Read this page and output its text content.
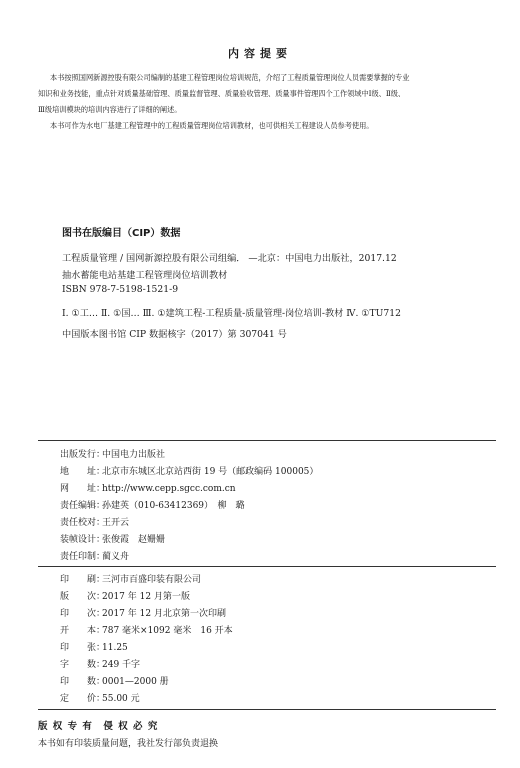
内容提要
本书按照国网新源控股有限公司编制的基建工程管理岗位培训规范，介绍了工程质量管理岗位人员需要掌握的专业
知识和业务技能，重点针对质量基础管理、质量监督管理、质量验收管理、质量事件管理四个工作领域中Ⅰ级、Ⅱ级、
Ⅲ级培训模块的培训内容进行了详细的阐述。
本书可作为水电厂基建工程管理中的工程质量管理岗位培训教材，也可供相关工程建设人员参考使用。
图书在版编目（CIP）数据
工程质量管理 / 国网新源控股有限公司组编． —北京：中国电力出版社，2017.12
抽水蓄能电站基建工程管理岗位培训教材
ISBN 978-7-5198-1521-9
Ⅰ. ①工… Ⅱ. ①国… Ⅲ. ①建筑工程-工程质量-质量管理-岗位培训-教材 Ⅳ. ①TU712
中国版本图书馆 CIP 数据核字（2017）第 307041 号
出版发行：中国电力出版社
地　　址：北京市东城区北京站西街 19 号（邮政编码 100005）
网　　址：http://www.cepp.sgcc.com.cn
责任编辑：孙建英（010-63412369）　柳　璐
责任校对：王开云
装帧设计：张俊霞　赵姗姗
责任印制：蔺义舟
印　　刷：三河市百盛印装有限公司
版　　次：2017 年 12 月第一版
印　　次：2017 年 12 月北京第一次印刷
开　　本：787 毫米×1092 毫米　16 开本
印　　张：11.25
字　　数：249 千字
印　　数：0001—2000 册
定　　价：55.00 元
版 权 专 有　侵 权 必 究
本书如有印装质量问题，我社发行部负责退换
